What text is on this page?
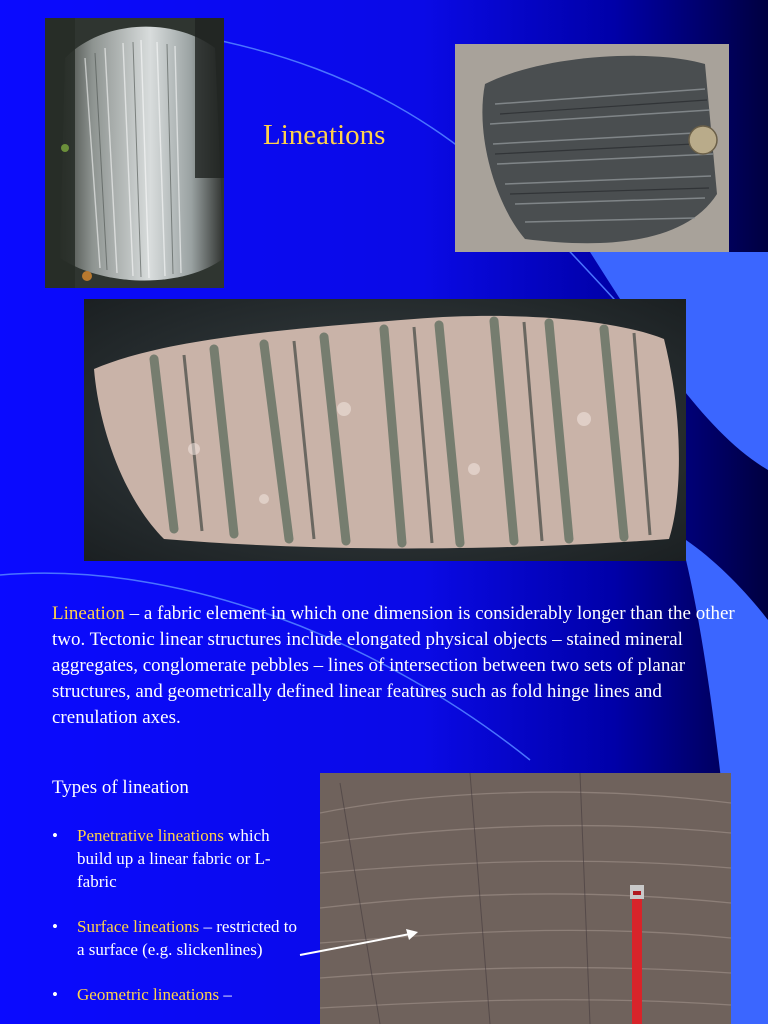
Lineations
Lineation – a fabric element in which one dimension is considerably longer than the other two. Tectonic linear structures include elongated physical objects – stained mineral aggregates, conglomerate pebbles – lines of intersection between two sets of planar structures, and geometrically defined linear features such as fold hinge lines and crenulation axes.
Types of lineation
• Penetrative lineations which build up a linear fabric or L-fabric
• Surface lineations – restricted to a surface (e.g. slickenlines)
• Geometric lineations –
